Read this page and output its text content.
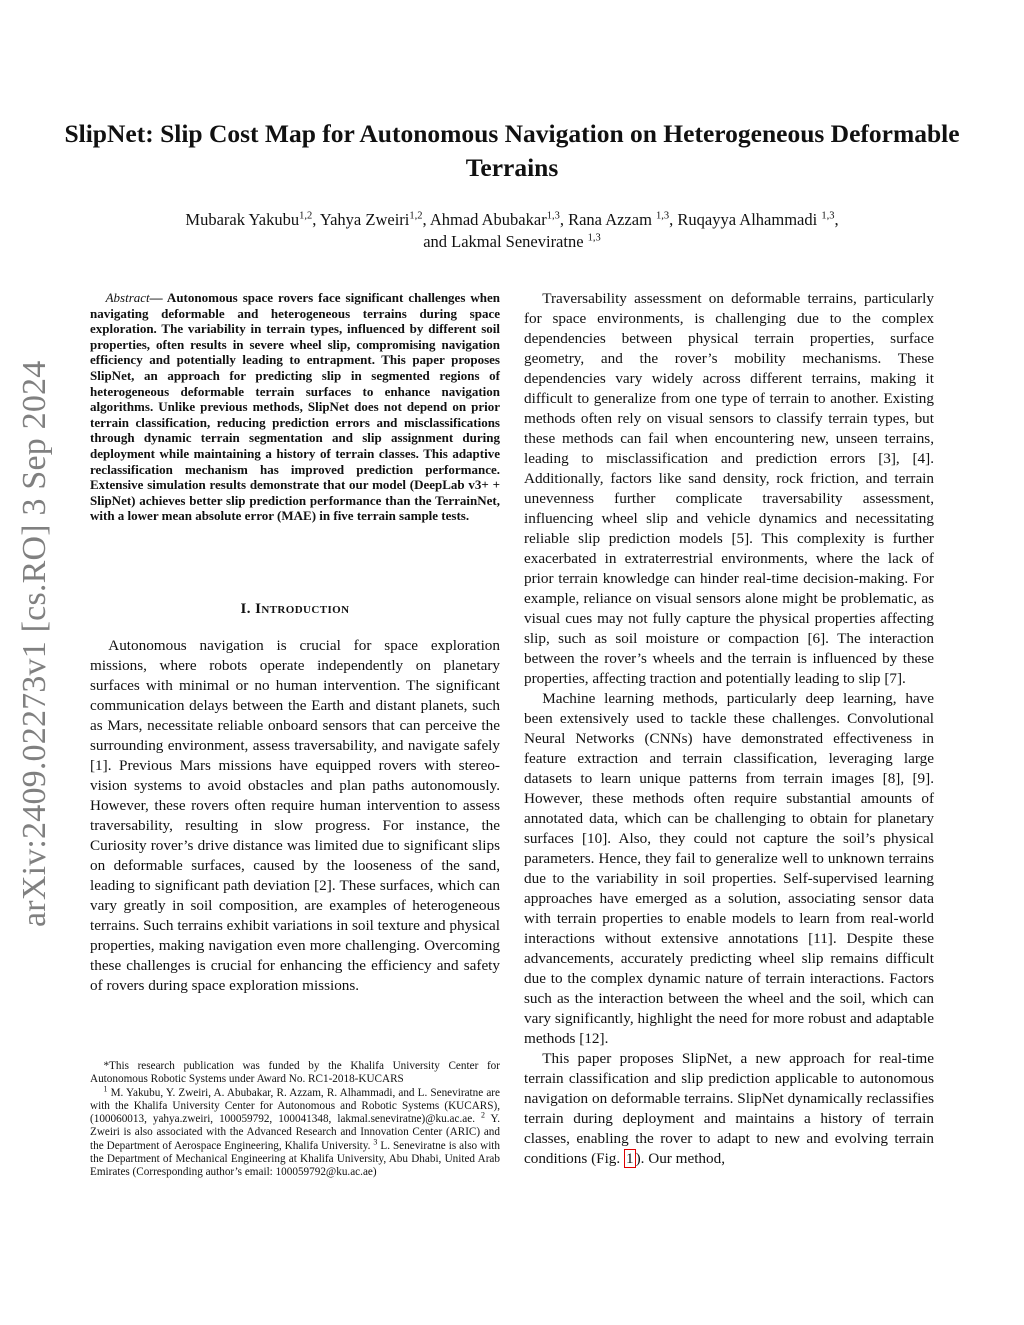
SlipNet: Slip Cost Map for Autonomous Navigation on Heterogeneous Deformable Terrains
Mubarak Yakubu$^{1,2}$, Yahya Zweiri$^{1,2}$, Ahmad Abubakar$^{1,3}$, Rana Azzam $^{1,3}$, Ruqayya Alhammadi $^{1,3}$,
and Lakmal Seneviratne $^{1,3}$
arXiv:2409.02273v1 [cs.RO] 3 Sep 2024

Abstract— Autonomous space rovers face significant challenges when navigating deformable and heterogeneous terrains during space exploration. The variability in terrain types, influenced by different soil properties, often results in severe wheel slip, compromising navigation efficiency and potentially leading to entrapment. This paper proposes SlipNet, an approach for predicting slip in segmented regions of heterogeneous deformable terrain surfaces to enhance navigation algorithms. Unlike previous methods, SlipNet does not depend on prior terrain classification, reducing prediction errors and misclassifications through dynamic terrain segmentation and slip assignment during deployment while maintaining a history of terrain classes. This adaptive reclassification mechanism has improved prediction performance. Extensive simulation results demonstrate that our model (DeepLab v3+ + SlipNet) achieves better slip prediction performance than the TerrainNet, with a lower mean absolute error (MAE) in five terrain sample tests.

I. Introduction

Autonomous navigation is crucial for space exploration missions, where robots operate independently on planetary surfaces with minimal or no human intervention. The significant communication delays between the Earth and distant planets, such as Mars, necessitate reliable onboard sensors that can perceive the surrounding environment, assess traversability, and navigate safely [1]. Previous Mars missions have equipped rovers with stereo-vision systems to avoid obstacles and plan paths autonomously. However, these rovers often require human intervention to assess traversability, resulting in slow progress. For instance, the Curiosity rover’s drive distance was limited due to significant slips on deformable surfaces, caused by the looseness of the sand, leading to significant path deviation [2]. These surfaces, which can vary greatly in soil composition, are examples of heterogeneous terrains. Such terrains exhibit variations in soil texture and physical properties, making navigation even more challenging. Overcoming these challenges is crucial for enhancing the efficiency and safety of rovers during space exploration missions.

*This research publication was funded by the Khalifa University Center for Autonomous Robotic Systems under Award No. RC1-2018-KUCARS

$^1$ M. Yakubu, Y. Zweiri, A. Abubakar, R. Azzam, R. Alhammadi, and L. Seneviratne are with the Khalifa University Center for Autonomous and Robotic Systems (KUCARS), (100060013, yahya.zweiri, 100059792, 100041348, lakmal.seneviratne)@ku.ac.ae. $^2$ Y. Zweiri is also associated with the Advanced Research and Innovation Center (ARIC) and the Department of Aerospace Engineering, Khalifa University. $^3$ L. Seneviratne is also with the Department of Mechanical Engineering at Khalifa University, Abu Dhabi, United Arab Emirates (Corresponding author’s email: 100059792@ku.ac.ae)

Traversability assessment on deformable terrains, particularly for space environments, is challenging due to the complex dependencies between physical terrain properties, surface geometry, and the rover’s mobility mechanisms. These dependencies vary widely across different terrains, making it difficult to generalize from one type of terrain to another. Existing methods often rely on visual sensors to classify terrain types, but these methods can fail when encountering new, unseen terrains, leading to misclassification and prediction errors [3], [4]. Additionally, factors like sand density, rock friction, and terrain unevenness further complicate traversability assessment, influencing wheel slip and vehicle dynamics and necessitating reliable slip prediction models [5]. This complexity is further exacerbated in extraterrestrial environments, where the lack of prior terrain knowledge can hinder real-time decision-making. For example, reliance on visual sensors alone might be problematic, as visual cues may not fully capture the physical properties affecting slip, such as soil moisture or compaction [6]. The interaction between the rover’s wheels and the terrain is influenced by these properties, affecting traction and potentially leading to slip [7].

Machine learning methods, particularly deep learning, have been extensively used to tackle these challenges. Convolutional Neural Networks (CNNs) have demonstrated effectiveness in feature extraction and terrain classification, leveraging large datasets to learn unique patterns from terrain images [8], [9]. However, these methods often require substantial amounts of annotated data, which can be challenging to obtain for planetary surfaces [10]. Also, they could not capture the soil’s physical parameters. Hence, they fail to generalize well to unknown terrains due to the variability in soil properties. Self-supervised learning approaches have emerged as a solution, associating sensor data with terrain properties to enable models to learn from real-world interactions without extensive annotations [11]. Despite these advancements, accurately predicting wheel slip remains difficult due to the complex dynamic nature of terrain interactions. Factors such as the interaction between the wheel and the soil, which can vary significantly, highlight the need for more robust and adaptable methods [12].

This paper proposes SlipNet, a new approach for real-time terrain classification and slip prediction applicable to autonomous navigation on deformable terrains. SlipNet dynamically reclassifies terrain during deployment and maintains a history of terrain classes, enabling the rover to adapt to new and evolving terrain conditions (Fig. 1 ). Our method,
